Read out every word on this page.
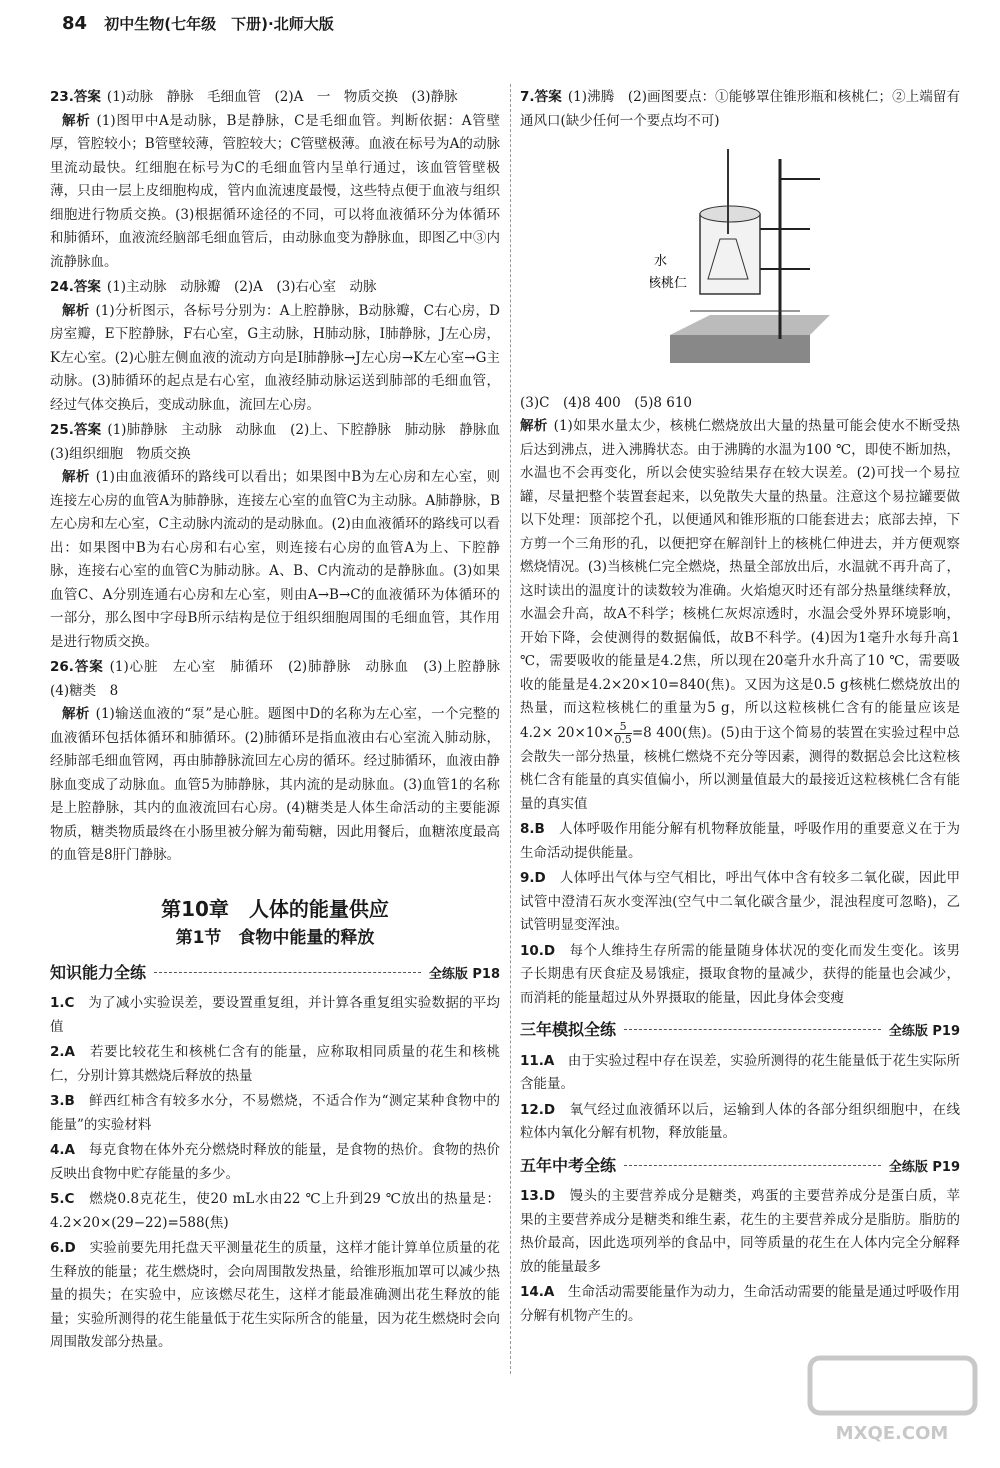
84 初中生物(七年级　下册)·北师大版
23.答案 (1)动脉　静脉　毛细血管　(2)A　一　物质交换　(3)静脉
解析 (1)图甲中A是动脉，B是静脉，C是毛细血管。判断依据：A管壁厚，管腔较小；B管壁较薄，管腔较大；C管壁极薄。血液在标号为A的动脉里流动最快。红细胞在标号为C的毛细血管内呈单行通过，该血管管壁极薄，只由一层上皮细胞构成，管内血流速度最慢，这些特点便于血液与组织细胞进行物质交换。(3)根据循环途径的不同，可以将血液循环分为体循环和肺循环，血液流经脑部毛细血管后，由动脉血变为静脉血，即图乙中③内流静脉血。
24.答案 (1)主动脉　动脉瓣　(2)A　(3)右心室　动脉
解析 (1)分析图示，各标号分别为：A上腔静脉，B动脉瓣，C右心房，D房室瓣，E下腔静脉，F右心室，G主动脉，H肺动脉，I肺静脉，J左心房，K左心室。(2)心脏左侧血液的流动方向是I肺静脉→J左心房→K左心室→G主动脉。(3)肺循环的起点是右心室，血液经肺动脉运送到肺部的毛细血管，经过气体交换后，变成动脉血，流回左心房。
25.答案 (1)肺静脉　主动脉　动脉血　(2)上、下腔静脉　肺动脉　静脉血　(3)组织细胞　物质交换
解析 (1)由血液循环的路线可以看出；如果图中B为左心房和左心室，则连接左心房的血管A为肺静脉，连接左心室的血管C为主动脉。A肺静脉，B左心房和左心室，C主动脉内流动的是动脉血。(2)由血液循环的路线可以看出：如果图中B为右心房和右心室，则连接右心房的血管A为上、下腔静脉，连接右心室的血管C为肺动脉。A、B、C内流动的是静脉血。(3)如果血管C、A分别连通右心房和左心室，则由A→B→C的血液循环为体循环的一部分，那么图中字母B所示结构是位于组织细胞周围的毛细血管，其作用是进行物质交换。
26.答案 (1)心脏　左心室　肺循环　(2)肺静脉　动脉血　(3)上腔静脉　(4)糖类　8
解析 (1)输送血液的“泵”是心脏。题图中D的名称为左心室，一个完整的血液循环包括体循环和肺循环。(2)肺循环是指血液由右心室流入肺动脉，经肺部毛细血管网，再由肺静脉流回左心房的循环。经过肺循环，血液由静脉血变成了动脉血。血管5为肺静脉，其内流的是动脉血。(3)血管1的名称是上腔静脉，其内的血液流回右心房。(4)糖类是人体生命活动的主要能源物质，糖类物质最终在小肠里被分解为葡萄糖，因此用餐后，血糖浓度最高的血管是8肝门静脉。
第10章　人体的能量供应
第1节　食物中能量的释放
知识能力全练	全练版 P18
1.C　 为了减小实验误差，要设置重复组，并计算各重复组实验数据的平均值
2.A　 若要比较花生和核桃仁含有的能量，应称取相同质量的花生和核桃仁，分别计算其燃烧后释放的热量
3.B　 鲜西红柿含有较多水分，不易燃烧，不适合作为“测定某种食物中的能量”的实验材料
4.A　 每克食物在体外充分燃烧时释放的能量，是食物的热价。食物的热价反映出食物中贮存能量的多少。
5.C　 燃烧0.8克花生，使20 mL水由22 ℃上升到29 ℃放出的热量是：4.2×20×(29−22)=588(焦)
6.D　 实验前要先用托盘天平测量花生的质量，这样才能计算单位质量的花生释放的能量；花生燃烧时，会向周围散发热量，给锥形瓶加罩可以减少热量的损失；在实验中，应该燃尽花生，这样才能最准确测出花生释放的能量；实验所测得的花生能量低于花生实际所含的能量，因为花生燃烧时会向周围散发部分热量。
7.答案 (1)沸腾　(2)画图要点：①能够罩住锥形瓶和核桃仁；②上端留有通风口(缺少任何一个要点均不可)
水
核桃仁
(3)C　(4)8 400　(5)8 610
解析 (1)如果水量太少，核桃仁燃烧放出大量的热量可能会使水不断受热后达到沸点，进入沸腾状态。由于沸腾的水温为100 ℃，即使不断加热，水温也不会再变化，所以会使实验结果存在较大误差。(2)可找一个易拉罐，尽量把整个装置套起来，以免散失大量的热量。注意这个易拉罐要做以下处理：顶部挖个孔，以便通风和锥形瓶的口能套进去；底部去掉，下方剪一个三角形的孔，以便把穿在解剖针上的核桃仁伸进去，并方便观察燃烧情况。(3)当核桃仁完全燃烧，热量全部放出后，水温就不再升高了，这时读出的温度计的读数较为准确。火焰熄灭时还有部分热量继续释放，水温会升高，故A不科学；核桃仁灰烬凉透时，水温会受外界环境影响，开始下降，会使测得的数据偏低，故B不科学。(4)因为1毫升水每升高1 ℃，需要吸收的能量是4.2焦，所以现在20毫升水升高了10 ℃，需要吸收的能量是4.2×20×10=840(焦)。又因为这是0.5 g核桃仁燃烧放出的热量，而这粒核桃仁的重量为5 g，所以这粒核桃仁含有的能量应该是$4.2\times 20\times 10\times \frac{5}{0.5} =8$ 400(焦)。(5)由于这个简易的装置在实验过程中总会散失一部分热量，核桃仁燃烧不充分等因素，测得的数据总会比这粒核桃仁含有能量的真实值偏小，所以测量值最大的最接近这粒核桃仁含有能量的真实值
8.B　 人体呼吸作用能分解有机物释放能量，呼吸作用的重要意义在于为生命活动提供能量。
9.D　 人体呼出气体与空气相比，呼出气体中含有较多二氧化碳，因此甲试管中澄清石灰水变浑浊(空气中二氧化碳含量少，混浊程度可忽略)，乙试管明显变浑浊。
10.D　 每个人维持生存所需的能量随身体状况的变化而发生变化。该男子长期患有厌食症及易饿症，摄取食物的量减少，获得的能量也会减少，而消耗的能量超过从外界摄取的能量，因此身体会变瘦
三年模拟全练	全练版 P19
11.A　 由于实验过程中存在误差，实验所测得的花生能量低于花生实际所含能量。
12.D　 氧气经过血液循环以后，运输到人体的各部分组织细胞中，在线粒体内氧化分解有机物，释放能量。
五年中考全练	全练版 P19
13.D　 馒头的主要营养成分是糖类，鸡蛋的主要营养成分是蛋白质，苹果的主要营养成分是糖类和维生素，花生的主要营养成分是脂肪。脂肪的热价最高，因此选项列举的食品中，同等质量的花生在人体内完全分解释放的能量最多
14.A　 生命活动需要能量作为动力，生命活动需要的能量是通过呼吸作用分解有机物产生的。
MXQE.COM
